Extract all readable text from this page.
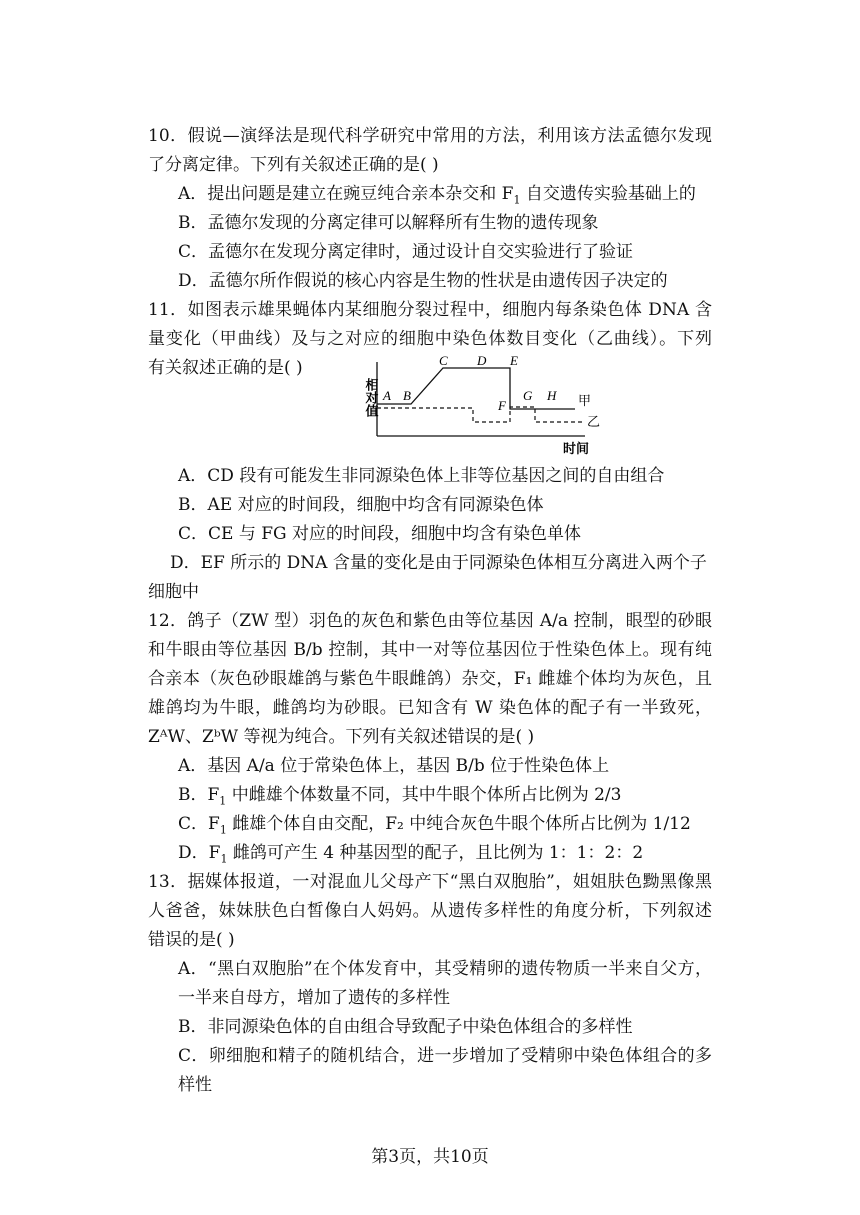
10．假说—演绎法是现代科学研究中常用的方法，利用该方法孟德尔发现
了分离定律。下列有关叙述正确的是( )
A．提出问题是建立在豌豆纯合亲本杂交和 $F_1$ 自交遗传实验基础上的
B．孟德尔发现的分离定律可以解释所有生物的遗传现象
C．孟德尔在发现分离定律时，通过设计自交实验进行了验证
D．孟德尔所作假说的核心内容是生物的性状是由遗传因子决定的
11．如图表示雄果蝇体内某细胞分裂过程中，细胞内每条染色体 DNA 含
量变化（甲曲线）及与之对应的细胞中染色体数目变化（乙曲线）。下列
有关叙述正确的是( )
相对值
时间
A B
C D E
F
G H 甲
乙
A．CD 段有可能发生非同源染色体上非等位基因之间的自由组合
B．AE 对应的时间段，细胞中均含有同源染色体
C．CE 与 FG 对应的时间段，细胞中均含有染色单体
D．EF 所示的 DNA 含量的变化是由于同源染色体相互分离进入两个子
细胞中
12．鸽子（ZW 型）羽色的灰色和紫色由等位基因 A/a 控制，眼型的砂眼
和牛眼由等位基因 B/b 控制，其中一对等位基因位于性染色体上。现有纯
合亲本（灰色砂眼雄鸽与紫色牛眼雌鸽）杂交，F₁ 雌雄个体均为灰色，且
雄鸽均为牛眼，雌鸽均为砂眼。已知含有 W 染色体的配子有一半致死，
ZᴬW、ZᵇW 等视为纯合。下列有关叙述错误的是( )
A．基因 A/a 位于常染色体上，基因 B/b 位于性染色体上
B．$F_1$ 中雌雄个体数量不同，其中牛眼个体所占比例为 2/3
C．$F_1$ 雌雄个体自由交配，F₂ 中纯合灰色牛眼个体所占比例为 1/12
D．$F_1$ 雌鸽可产生 4 种基因型的配子，且比例为 1：1：2：2
13．据媒体报道，一对混血儿父母产下“黑白双胞胎”，姐姐肤色黝黑像黑
人爸爸，妹妹肤色白皙像白人妈妈。从遗传多样性的角度分析，下列叙述
错误的是( )
A．“黑白双胞胎”在个体发育中，其受精卵的遗传物质一半来自父方，
一半来自母方，增加了遗传的多样性
B．非同源染色体的自由组合导致配子中染色体组合的多样性
C．卵细胞和精子的随机结合，进一步增加了受精卵中染色体组合的多
样性
第3页，共10页
